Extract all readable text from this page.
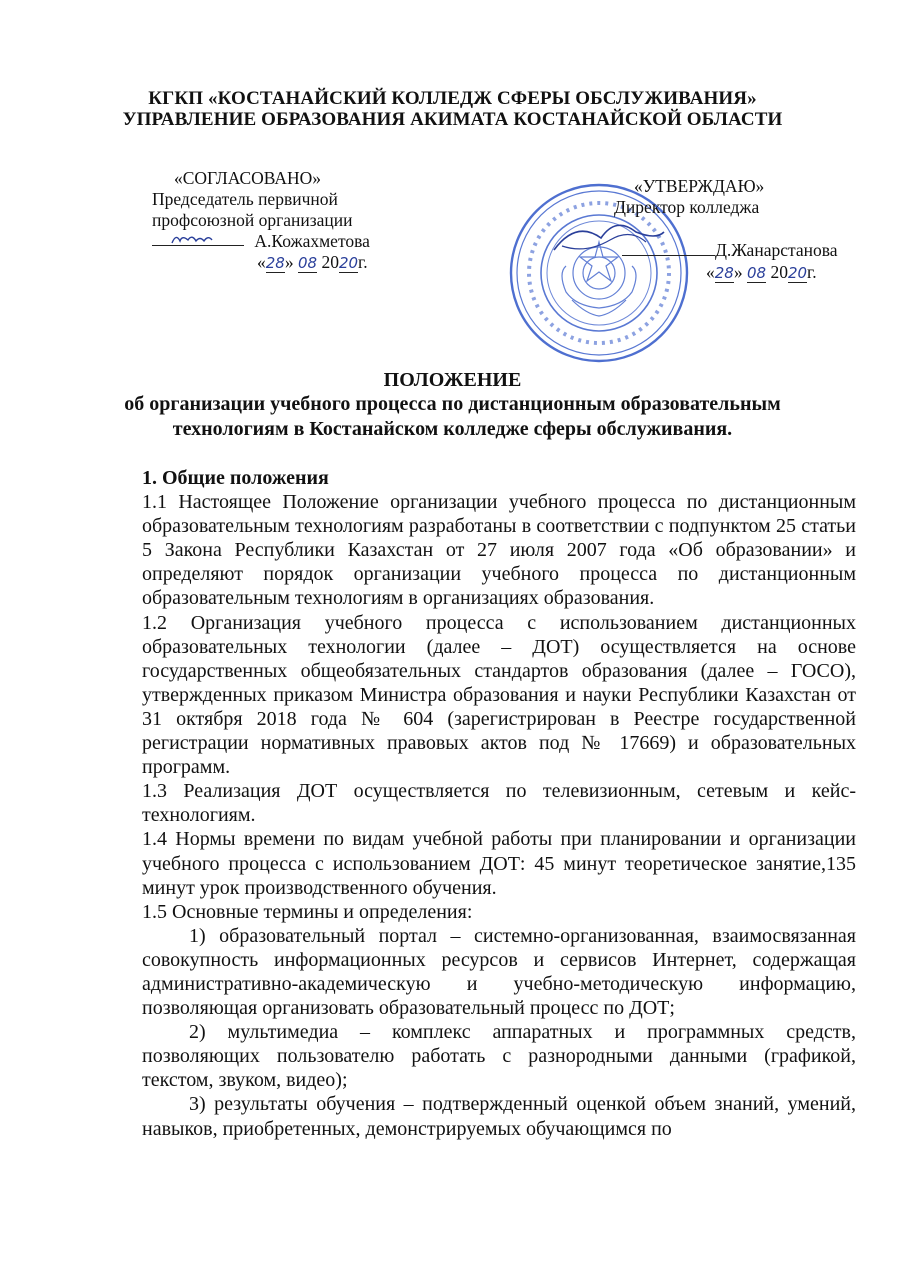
КГКП «КОСТАНАЙСКИЙ КОЛЛЕДЖ СФЕРЫ ОБСЛУЖИВАНИЯ»
УПРАВЛЕНИЕ ОБРАЗОВАНИЯ АКИМАТА КОСТАНАЙСКОЙ ОБЛАСТИ
«СОГЛАСОВАНО»
Председатель первичной
профсоюзной организации
А.Кожахметова
«28» 08 2020г.
«УТВЕРЖДАЮ»
Директор колледжа
Д.Жанарстанова
«28» 08 2020г.
ПОЛОЖЕНИЕ
об организации учебного процесса по дистанционным образовательным
технологиям в Костанайском колледже сферы обслуживания.

1. Общие положения

1.1 Настоящее Положение организации учебного процесса по дистанционным образовательным технологиям разработаны в соответствии с подпунктом 25 статьи 5 Закона Республики Казахстан от 27 июля 2007 года «Об образовании» и определяют порядок организации учебного процесса по дистанционным образовательным технологиям в организациях образования.

1.2 Организация учебного процесса с использованием дистанционных образовательных технологии (далее – ДОТ) осуществляется на основе государственных общеобязательных стандартов образования (далее – ГОСО), утвержденных приказом Министра образования и науки Республики Казахстан от 31 октября 2018 года № 604 (зарегистрирован в Реестре государственной регистрации нормативных правовых актов под № 17669) и образовательных программ.

1.3 Реализация ДОТ осуществляется по телевизионным, сетевым и кейс-технологиям.

1.4 Нормы времени по видам учебной работы при планировании и организации учебного процесса с использованием ДОТ: 45 минут теоретическое занятие,135 минут урок производственного обучения.

1.5 Основные термины и определения:

1) образовательный портал – системно-организованная, взаимосвязанная совокупность информационных ресурсов и сервисов Интернет, содержащая административно-академическую и учебно-методическую информацию, позволяющая организовать образовательный процесс по ДОТ;

2) мультимедиа – комплекс аппаратных и программных средств, позволяющих пользователю работать с разнородными данными (графикой, текстом, звуком, видео);

3) результаты обучения – подтвержденный оценкой объем знаний, умений, навыков, приобретенных, демонстрируемых обучающимся по
